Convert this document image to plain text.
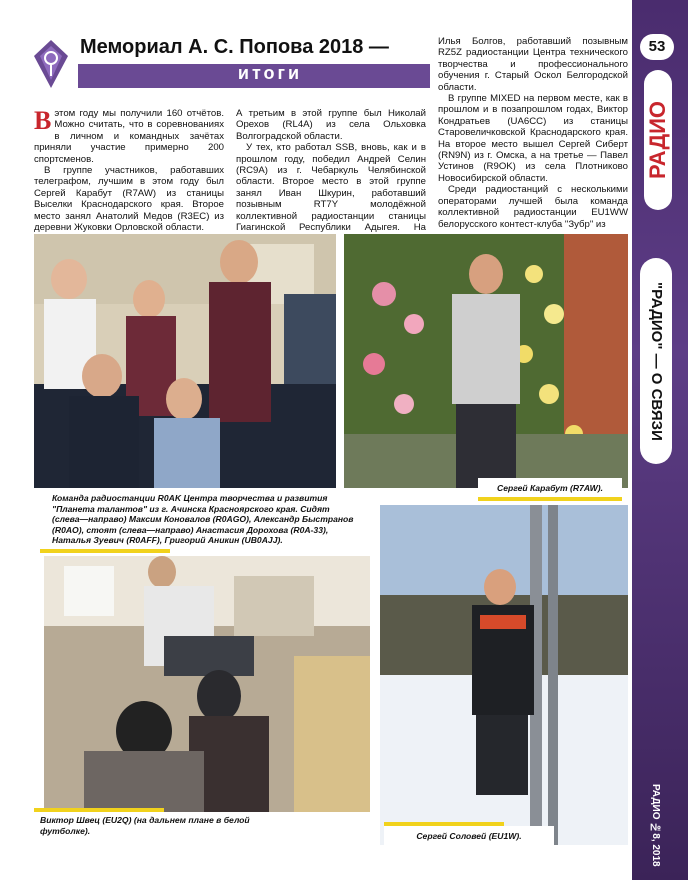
53
РАДИО
"РАДИО" — О СВЯЗИ
РАДИО №8, 2018
Мемориал А. С. Попова 2018 —
итоги

Вэтом году мы получили 160 отчётов. Можно считать, что в соревнованиях в личном и командных зачётах приняли участие примерно 200 спортсменов.

В группе участников, работавших телеграфом, лучшим в этом году был Сергей Карабут (R7AW) из станицы Выселки Краснодарского края. Второе место занял Анатолий Медов (R3EC) из деревни Жуковки Орловской области.

А третьим в этой группе был Николай Орехов (RL4A) из села Ольховка Волгоградской области.

У тех, кто работал SSB, вновь, как и в прошлом году, победил Андрей Селин (RC9A) из г. Чебаркуль Челябинской области. Второе место в этой группе занял Иван Шкурин, работавший позывным RT7Y молодёжной коллективной радиостанции станицы Гиагинской Республики Адыгея. На

Илья Болгов, работавший позывным RZ5Z радиостанции Центра технического творчества и профессионального обучения г. Старый Оскол Белгородской области.

В группе MIXED на первом месте, как в прошлом и в позапрошлом годах, Виктор Кондратьев (UA6CC) из станицы Старовеличковской Краснодарского края. На второе место вышел Сергей Сиберт (RN9N) из г. Омска, а на третье — Павел Устинов (R9OK) из села Плотниково Новосибирской области.

Среди радиостанций с несколькими операторами лучшей была команда коллективной радиостанции EU1WW белорусского контест-клуба "Зубр" из

Команда радиостанции R0AK Центра творчества и развития "Планета талантов" из г. Ачинска Красноярского края. Сидят (слева—направо) Максим Коновалов (R0AGO), Александр Быстранов (R0AO), стоят (слева—направо) Анастасия Дорохова (R0A-33), Наталья Зуевич (R0AFF), Григорий Аникин (UB0AJJ).
Сергей Карабут (R7AW).
Виктор Швец (EU2Q) (на дальнем плане в белой футболке).
Сергей Соловей (EU1W).
